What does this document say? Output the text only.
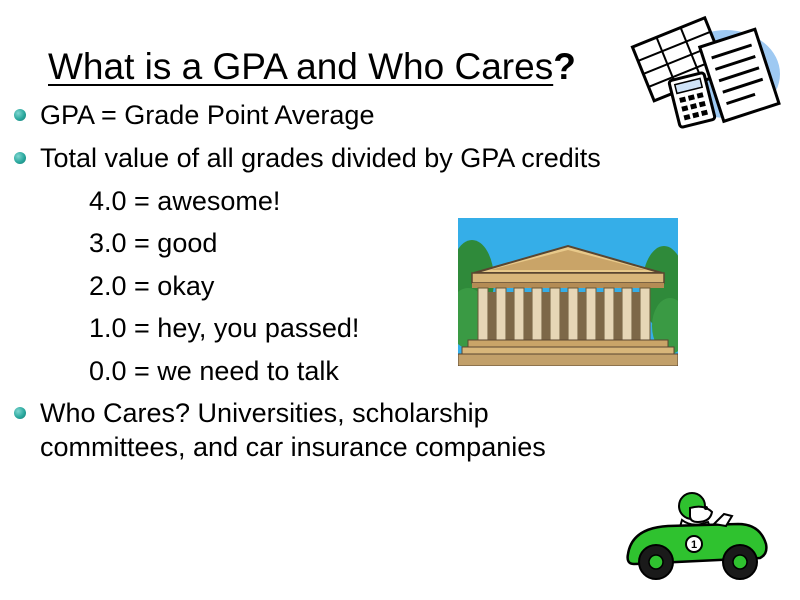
What is a GPA and Who Cares?
GPA = Grade Point Average
Total value of all grades divided by GPA credits
4.0 = awesome!
3.0 = good
2.0 = okay
1.0 = hey, you passed!
0.0 = we need to talk
Who Cares? Universities, scholarship committees, and car insurance companies
1
